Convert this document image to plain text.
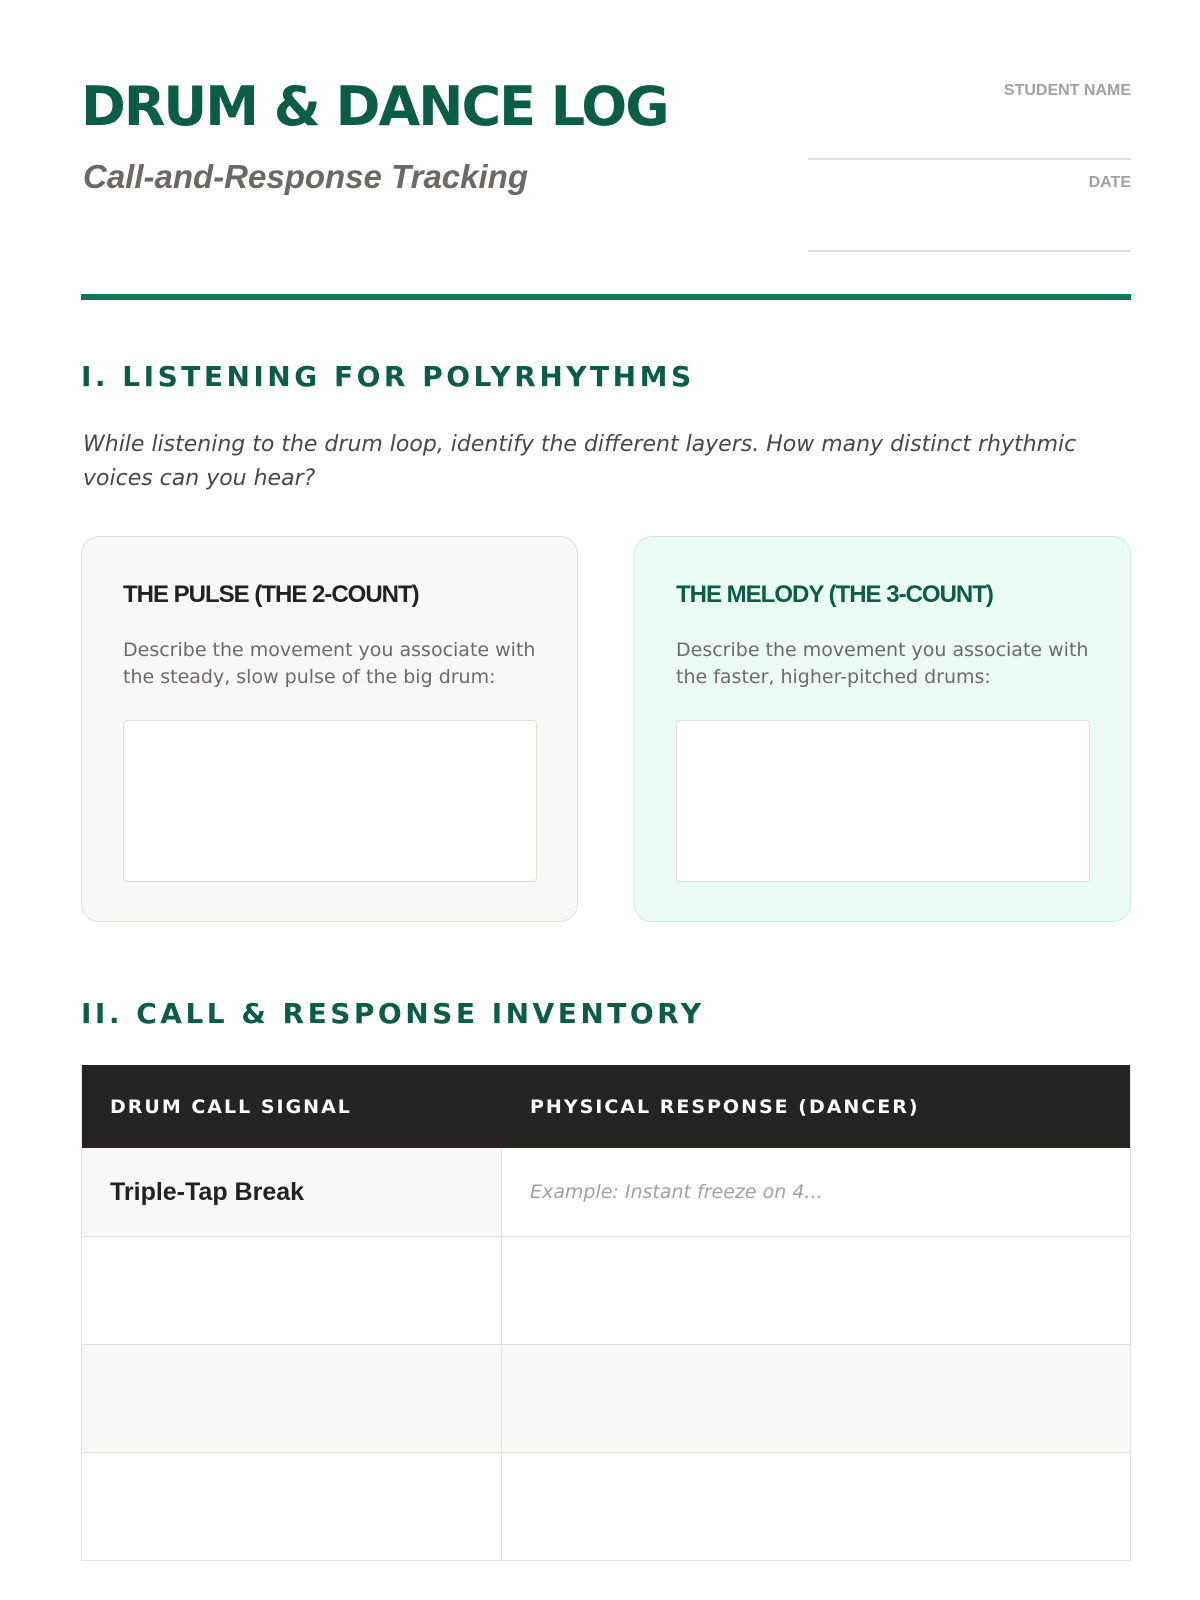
DRUM & DANCE LOG
Call-and-Response Tracking
STUDENT NAME
DATE
I. LISTENING FOR POLYRHYTHMS
While listening to the drum loop, identify the different layers. How many distinct rhythmic voices can you hear?
THE PULSE (THE 2-COUNT)
Describe the movement you associate with the steady, slow pulse of the big drum:
THE MELODY (THE 3-COUNT)
Describe the movement you associate with the faster, higher-pitched drums:
II. CALL & RESPONSE INVENTORY
DRUM CALL SIGNAL	PHYSICAL RESPONSE (DANCER)
Triple-Tap Break	Example: Instant freeze on 4...
